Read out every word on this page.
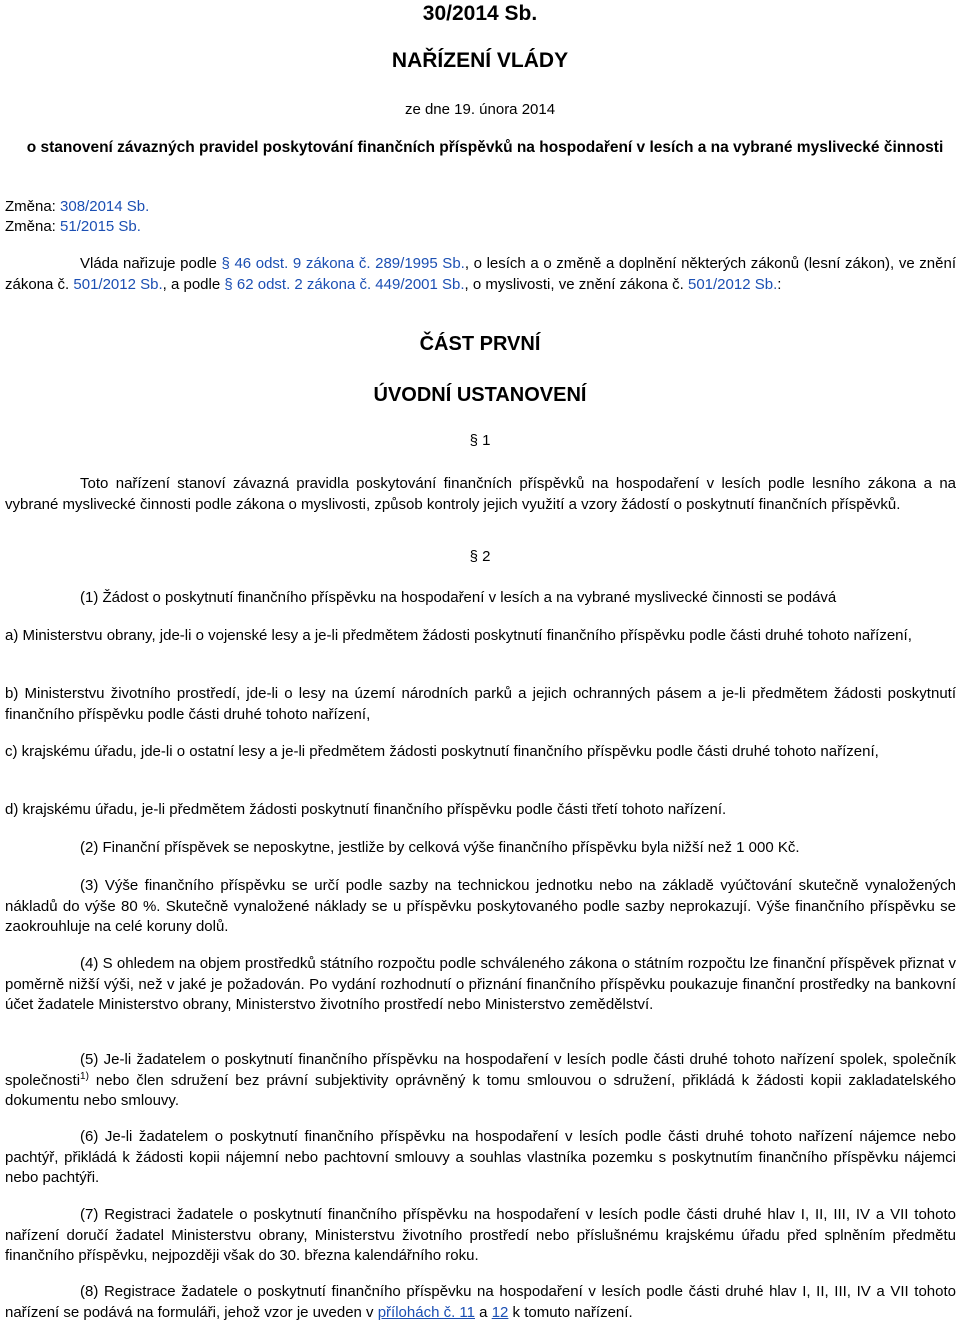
30/2014 Sb.
NAŘÍZENÍ VLÁDY
ze dne 19. února 2014
o stanovení závazných pravidel poskytování finančních příspěvků na hospodaření v lesích a na vybrané myslivecké činnosti
Změna: 308/2014 Sb.
Změna: 51/2015 Sb.
Vláda nařizuje podle § 46 odst. 9 zákona č. 289/1995 Sb., o lesích a o změně a doplnění některých zákonů (lesní zákon), ve znění zákona č. 501/2012 Sb., a podle § 62 odst. 2 zákona č. 449/2001 Sb., o myslivosti, ve znění zákona č. 501/2012 Sb.:
ČÁST PRVNÍ
ÚVODNÍ USTANOVENÍ
§ 1
Toto nařízení stanoví závazná pravidla poskytování finančních příspěvků na hospodaření v lesích podle lesního zákona a na vybrané myslivecké činnosti podle zákona o myslivosti, způsob kontroly jejich využití a vzory žádostí o poskytnutí finančních příspěvků.
§ 2
(1) Žádost o poskytnutí finančního příspěvku na hospodaření v lesích a na vybrané myslivecké činnosti se podává
a) Ministerstvu obrany, jde-li o vojenské lesy a je-li předmětem žádosti poskytnutí finančního příspěvku podle části druhé tohoto nařízení,
b) Ministerstvu životního prostředí, jde-li o lesy na území národních parků a jejich ochranných pásem a je-li předmětem žádosti poskytnutí finančního příspěvku podle části druhé tohoto nařízení,
c) krajskému úřadu, jde-li o ostatní lesy a je-li předmětem žádosti poskytnutí finančního příspěvku podle části druhé tohoto nařízení,
d) krajskému úřadu, je-li předmětem žádosti poskytnutí finančního příspěvku podle části třetí tohoto nařízení.
(2) Finanční příspěvek se neposkytne, jestliže by celková výše finančního příspěvku byla nižší než 1 000 Kč.
(3) Výše finančního příspěvku se určí podle sazby na technickou jednotku nebo na základě vyúčtování skutečně vynaložených nákladů do výše 80 %. Skutečně vynaložené náklady se u příspěvku poskytovaného podle sazby neprokazují. Výše finančního příspěvku se zaokrouhluje na celé koruny dolů.
(4) S ohledem na objem prostředků státního rozpočtu podle schváleného zákona o státním rozpočtu lze finanční příspěvek přiznat v poměrně nižší výši, než v jaké je požadován. Po vydání rozhodnutí o přiznání finančního příspěvku poukazuje finanční prostředky na bankovní účet žadatele Ministerstvo obrany, Ministerstvo životního prostředí nebo Ministerstvo zemědělství.
(5) Je-li žadatelem o poskytnutí finančního příspěvku na hospodaření v lesích podle části druhé tohoto nařízení spolek, společník společnosti$^{1)}$ nebo člen sdružení bez právní subjektivity oprávněný k tomu smlouvou o sdružení, přikládá k žádosti kopii zakladatelského dokumentu nebo smlouvy.
(6) Je-li žadatelem o poskytnutí finančního příspěvku na hospodaření v lesích podle části druhé tohoto nařízení nájemce nebo pachtýř, přikládá k žádosti kopii nájemní nebo pachtovní smlouvy a souhlas vlastníka pozemku s poskytnutím finančního příspěvku nájemci nebo pachtýři.
(7) Registraci žadatele o poskytnutí finančního příspěvku na hospodaření v lesích podle části druhé hlav I, II, III, IV a VII tohoto nařízení doručí žadatel Ministerstvu obrany, Ministerstvu životního prostředí nebo příslušnému krajskému úřadu před splněním předmětu finančního příspěvku, nejpozději však do 30. března kalendářního roku.
(8) Registrace žadatele o poskytnutí finančního příspěvku na hospodaření v lesích podle části druhé hlav I, II, III, IV a VII tohoto nařízení se podává na formuláři, jehož vzor je uveden v přílohách č. 11 a 12 k tomuto nařízení.
